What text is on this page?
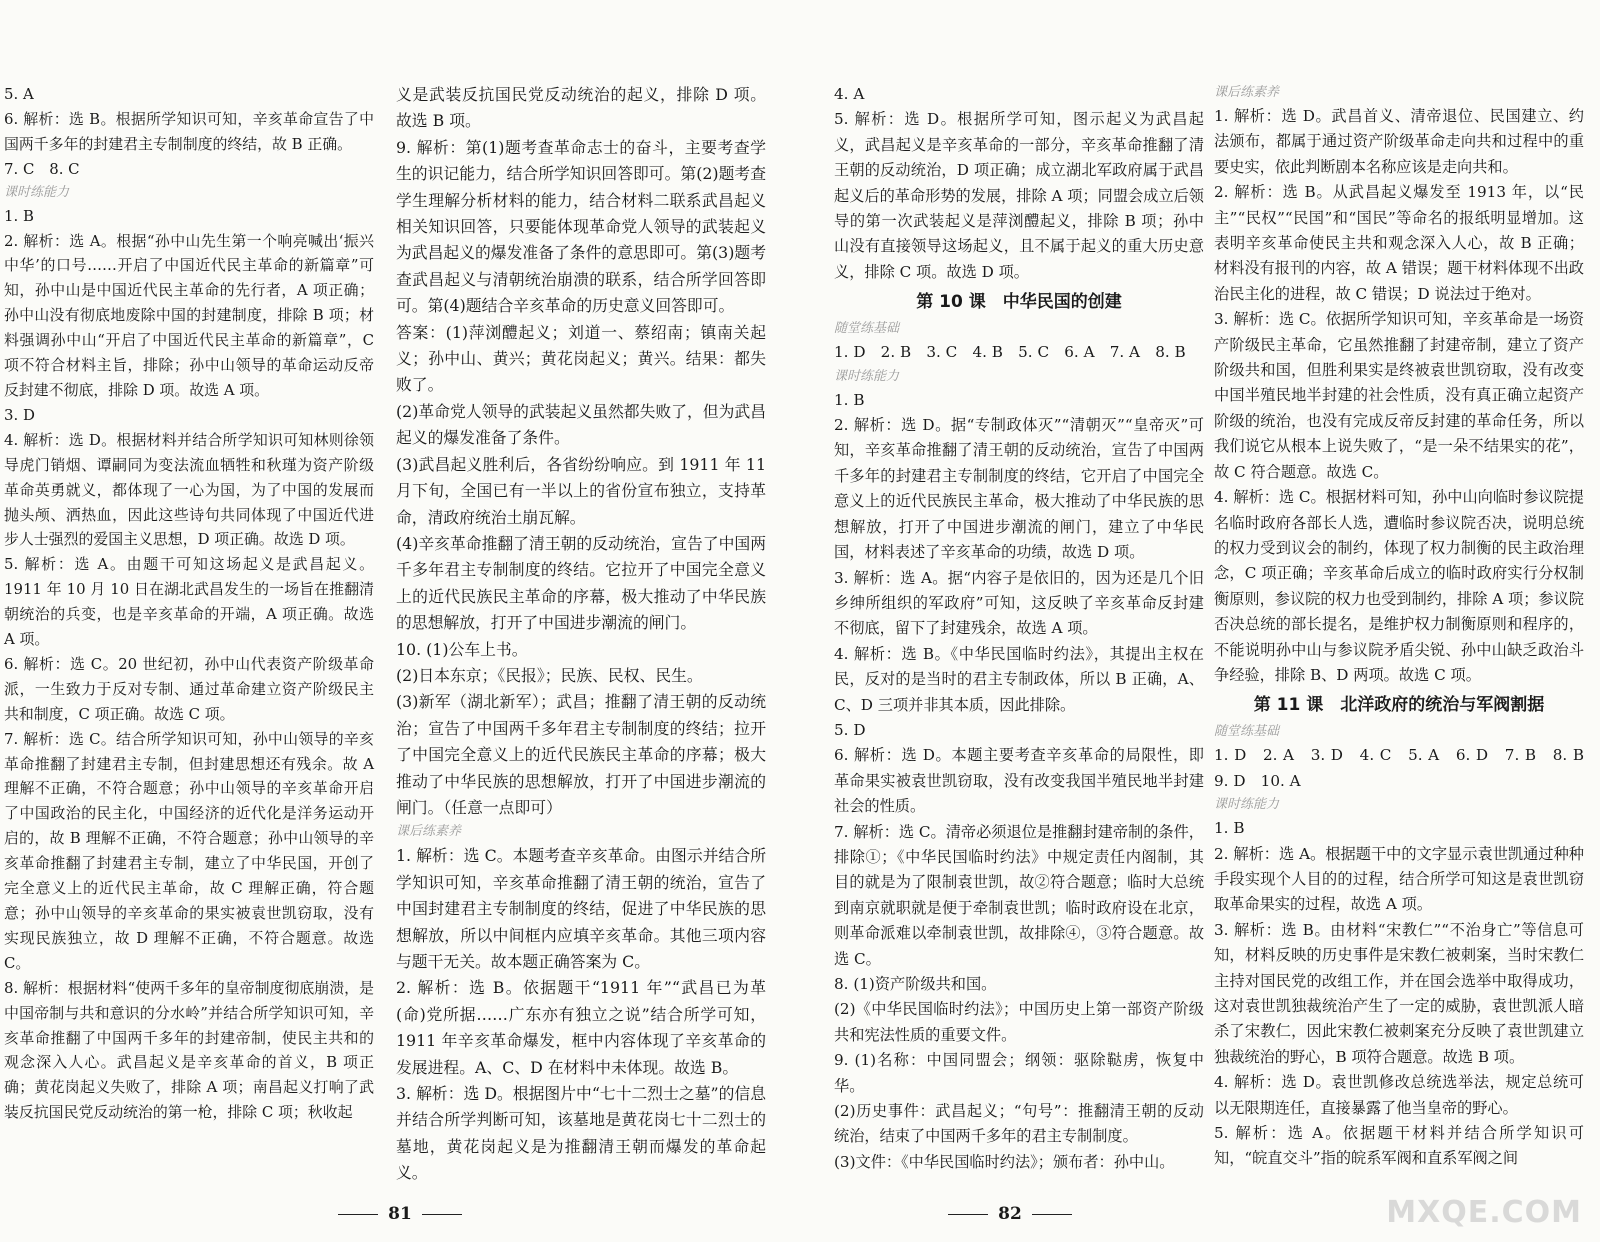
5. A

6. 解析：选 B。根据所学知识可知，辛亥革命宣告了中国两千多年的封建君主专制制度的终结，故 B 正确。

7. C　8. C

课时练能力

1. B

2. 解析：选 A。根据“孙中山先生第一个响亮喊出‘振兴中华’的口号……开启了中国近代民主革命的新篇章”可知，孙中山是中国近代民主革命的先行者，A 项正确；孙中山没有彻底地废除中国的封建制度，排除 B 项；材料强调孙中山“开启了中国近代民主革命的新篇章”，C 项不符合材料主旨，排除；孙中山领导的革命运动反帝反封建不彻底，排除 D 项。故选 A 项。

3. D

4. 解析：选 D。根据材料并结合所学知识可知林则徐领导虎门销烟、谭嗣同为变法流血牺牲和秋瑾为资产阶级革命英勇就义，都体现了一心为国，为了中国的发展而抛头颅、洒热血，因此这些诗句共同体现了中国近代进步人士强烈的爱国主义思想，D 项正确。故选 D 项。

5. 解析：选 A。由题干可知这场起义是武昌起义。1911 年 10 月 10 日在湖北武昌发生的一场旨在推翻清朝统治的兵变，也是辛亥革命的开端，A 项正确。故选 A 项。

6. 解析：选 C。20 世纪初，孙中山代表资产阶级革命派，一生致力于反对专制、通过革命建立资产阶级民主共和制度，C 项正确。故选 C 项。

7. 解析：选 C。结合所学知识可知，孙中山领导的辛亥革命推翻了封建君主专制，但封建思想还有残余。故 A 理解不正确，不符合题意；孙中山领导的辛亥革命开启了中国政治的民主化，中国经济的近代化是洋务运动开启的，故 B 理解不正确，不符合题意；孙中山领导的辛亥革命推翻了封建君主专制，建立了中华民国，开创了完全意义上的近代民主革命，故 C 理解正确，符合题意；孙中山领导的辛亥革命的果实被袁世凯窃取，没有实现民族独立，故 D 理解不正确，不符合题意。故选 C。

8. 解析：根据材料“使两千多年的皇帝制度彻底崩溃，是中国帝制与共和意识的分水岭”并结合所学知识可知，辛亥革命推翻了中国两千多年的封建帝制，使民主共和的观念深入人心。武昌起义是辛亥革命的首义，B 项正确；黄花岗起义失败了，排除 A 项；南昌起义打响了武装反抗国民党反动统治的第一枪，排除 C 项；秋收起

义是武装反抗国民党反动统治的起义，排除 D 项。故选 B 项。

9. 解析：第(1)题考查革命志士的奋斗，主要考查学生的识记能力，结合所学知识回答即可。第(2)题考查学生理解分析材料的能力，结合材料二联系武昌起义相关知识回答，只要能体现革命党人领导的武装起义为武昌起义的爆发准备了条件的意思即可。第(3)题考查武昌起义与清朝统治崩溃的联系，结合所学回答即可。第(4)题结合辛亥革命的历史意义回答即可。

答案：(1)萍浏醴起义；刘道一、蔡绍南；镇南关起义；孙中山、黄兴；黄花岗起义；黄兴。结果：都失败了。

(2)革命党人领导的武装起义虽然都失败了，但为武昌起义的爆发准备了条件。

(3)武昌起义胜利后，各省纷纷响应。到 1911 年 11 月下旬，全国已有一半以上的省份宣布独立，支持革命，清政府统治土崩瓦解。

(4)辛亥革命推翻了清王朝的反动统治，宣告了中国两千多年君主专制制度的终结。它拉开了中国完全意义上的近代民族民主革命的序幕，极大推动了中华民族的思想解放，打开了中国进步潮流的闸门。

10. (1)公车上书。

(2)日本东京；《民报》；民族、民权、民生。

(3)新军（湖北新军）；武昌；推翻了清王朝的反动统治；宣告了中国两千多年君主专制制度的终结；拉开了中国完全意义上的近代民族民主革命的序幕；极大推动了中华民族的思想解放，打开了中国进步潮流的闸门。（任意一点即可）

课后练素养

1. 解析：选 C。本题考查辛亥革命。由图示并结合所学知识可知，辛亥革命推翻了清王朝的统治，宣告了中国封建君主专制制度的终结，促进了中华民族的思想解放，所以中间框内应填辛亥革命。其他三项内容与题干无关。故本题正确答案为 C。

2. 解析：选 B。依据题干“1911 年”“武昌已为革(命)党所据……广东亦有独立之说”结合所学可知，1911 年辛亥革命爆发，框中内容体现了辛亥革命的发展进程。A、C、D 在材料中未体现。故选 B。

3. 解析：选 D。根据图片中“七十二烈士之墓”的信息并结合所学判断可知，该墓地是黄花岗七十二烈士的墓地，黄花岗起义是为推翻清王朝而爆发的革命起义。

81

4. A

5. 解析：选 D。根据所学可知，图示起义为武昌起义，武昌起义是辛亥革命的一部分，辛亥革命推翻了清王朝的反动统治，D 项正确；成立湖北军政府属于武昌起义后的革命形势的发展，排除 A 项；同盟会成立后领导的第一次武装起义是萍浏醴起义，排除 B 项；孙中山没有直接领导这场起义，且不属于起义的重大历史意义，排除 C 项。故选 D 项。

第 10 课　中华民国的创建

随堂练基础

1. D　2. B　3. C　4. B　5. C　6. A　7. A　8. B

课时练能力

1. B

2. 解析：选 D。据“专制政体灭”“清朝灭”“皇帝灭”可知，辛亥革命推翻了清王朝的反动统治，宣告了中国两千多年的封建君主专制制度的终结，它开启了中国完全意义上的近代民族民主革命，极大推动了中华民族的思想解放，打开了中国进步潮流的闸门，建立了中华民国，材料表述了辛亥革命的功绩，故选 D 项。

3. 解析：选 A。据“内容子是依旧的，因为还是几个旧乡绅所组织的军政府”可知，这反映了辛亥革命反封建不彻底，留下了封建残余，故选 A 项。

4. 解析：选 B。《中华民国临时约法》，其提出主权在民，反对的是当时的君主专制政体，所以 B 正确，A、C、D 三项并非其本质，因此排除。

5. D

6. 解析：选 D。本题主要考查辛亥革命的局限性，即革命果实被袁世凯窃取，没有改变我国半殖民地半封建社会的性质。

7. 解析：选 C。清帝必须退位是推翻封建帝制的条件，排除①；《中华民国临时约法》中规定责任内阁制，其目的就是为了限制袁世凯，故②符合题意；临时大总统到南京就职就是便于牵制袁世凯；临时政府设在北京，则革命派难以牵制袁世凯，故排除④，③符合题意。故选 C。

8. (1)资产阶级共和国。

(2)《中华民国临时约法》；中国历史上第一部资产阶级共和宪法性质的重要文件。

9. (1)名称：中国同盟会；纲领：驱除鞑虏，恢复中华。

(2)历史事件：武昌起义；“句号”：推翻清王朝的反动统治，结束了中国两千多年的君主专制制度。

(3)文件：《中华民国临时约法》；颁布者：孙中山。

课后练素养

1. 解析：选 D。武昌首义、清帝退位、民国建立、约法颁布，都属于通过资产阶级革命走向共和过程中的重要史实，依此判断剧本名称应该是走向共和。

2. 解析：选 B。从武昌起义爆发至 1913 年，以“民主”“民权”“民国”和“国民”等命名的报纸明显增加。这表明辛亥革命使民主共和观念深入人心，故 B 正确；材料没有报刊的内容，故 A 错误；题干材料体现不出政治民主化的进程，故 C 错误；D 说法过于绝对。

3. 解析：选 C。依据所学知识可知，辛亥革命是一场资产阶级民主革命，它虽然推翻了封建帝制，建立了资产阶级共和国，但胜利果实是终被袁世凯窃取，没有改变中国半殖民地半封建的社会性质，没有真正确立起资产阶级的统治，也没有完成反帝反封建的革命任务，所以我们说它从根本上说失败了，“是一朵不结果实的花”，故 C 符合题意。故选 C。

4. 解析：选 C。根据材料可知，孙中山向临时参议院提名临时政府各部长人选，遭临时参议院否决，说明总统的权力受到议会的制约，体现了权力制衡的民主政治理念，C 项正确；辛亥革命后成立的临时政府实行分权制衡原则，参议院的权力也受到制约，排除 A 项；参议院否决总统的部长提名，是维护权力制衡原则和程序的，不能说明孙中山与参议院矛盾尖锐、孙中山缺乏政治斗争经验，排除 B、D 两项。故选 C 项。

第 11 课　北洋政府的统治与军阀割据

随堂练基础

1. D　2. A　3. D　4. C　5. A　6. D　7. B　8. B　9. D　10. A

课时练能力

1. B

2. 解析：选 A。根据题干中的文字显示袁世凯通过种种手段实现个人目的的过程，结合所学可知这是袁世凯窃取革命果实的过程，故选 A 项。

3. 解析：选 B。由材料“宋教仁”“不治身亡”等信息可知，材料反映的历史事件是宋教仁被刺案，当时宋教仁主持对国民党的改组工作，并在国会选举中取得成功，这对袁世凯独裁统治产生了一定的威胁，袁世凯派人暗杀了宋教仁，因此宋教仁被刺案充分反映了袁世凯建立独裁统治的野心，B 项符合题意。故选 B 项。

4. 解析：选 D。袁世凯修改总统选举法，规定总统可以无限期连任，直接暴露了他当皇帝的野心。

5. 解析：选 A。依据题干材料并结合所学知识可知，“皖直交斗”指的皖系军阀和直系军阀之间

82	MXQE.COM
